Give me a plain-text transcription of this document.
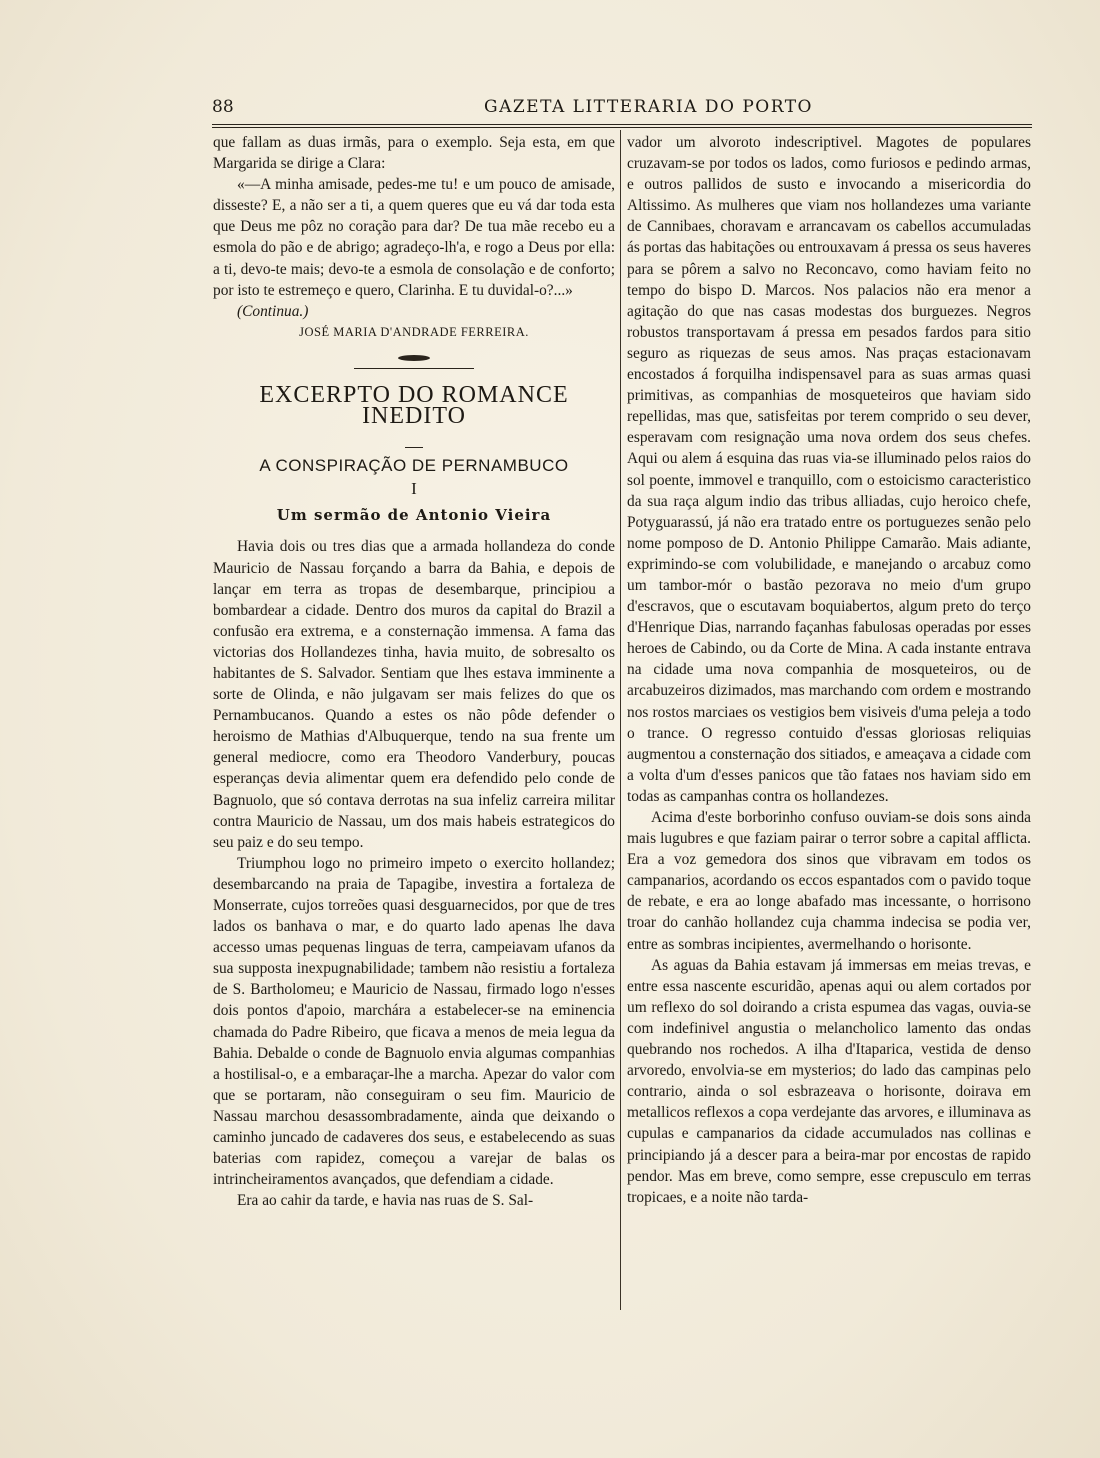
88	GAZETA LITTERARIA DO PORTO

que fallam as duas irmãs, para o exemplo. Seja esta, em que Margarida se dirige a Clara:

«—A minha amisade, pedes-me tu! e um pouco de amisade, disseste? E, a não ser a ti, a quem queres que eu vá dar toda esta que Deus me pôz no coração para dar? De tua mãe recebo eu a esmola do pão e de abrigo; agradeço-lh'a, e rogo a Deus por ella: a ti, devo-te mais; devo-te a esmola de consolação e de conforto; por isto te estremeço e quero, Clarinha. E tu duvidal-o?...»

(Continua.)

JOSÉ MARIA D'ANDRADE FERREIRA.

EXCERPTO DO ROMANCE INEDITO
A CONSPIRAÇÃO DE PERNAMBUCO
I
Um sermão de Antonio Vieira

Havia dois ou tres dias que a armada hollandeza do conde Mauricio de Nassau forçando a barra da Bahia, e depois de lançar em terra as tropas de desembarque, principiou a bombardear a cidade. Dentro dos muros da capital do Brazil a confusão era extrema, e a consternação immensa. A fama das victorias dos Hollandezes tinha, havia muito, de sobresalto os habitantes de S. Salvador. Sentiam que lhes estava imminente a sorte de Olinda, e não julgavam ser mais felizes do que os Pernambucanos. Quando a estes os não pôde defender o heroismo de Mathias d'Albuquerque, tendo na sua frente um general mediocre, como era Theodoro Vanderbury, poucas esperanças devia alimentar quem era defendido pelo conde de Bagnuolo, que só contava derrotas na sua infeliz carreira militar contra Mauricio de Nassau, um dos mais habeis estrategicos do seu paiz e do seu tempo.

Triumphou logo no primeiro impeto o exercito hollandez; desembarcando na praia de Tapagibe, investira a fortaleza de Monserrate, cujos torreões quasi desguarnecidos, por que de tres lados os banhava o mar, e do quarto lado apenas lhe dava accesso umas pequenas linguas de terra, campeiavam ufanos da sua supposta inexpugnabilidade; tambem não resistiu a fortaleza de S. Bartholomeu; e Mauricio de Nassau, firmado logo n'esses dois pontos d'apoio, marchára a estabelecer-se na eminencia chamada do Padre Ribeiro, que ficava a menos de meia legua da Bahia. Debalde o conde de Bagnuolo envia algumas companhias a hostilisal-o, e a embaraçar-lhe a marcha. Apezar do valor com que se portaram, não conseguiram o seu fim. Mauricio de Nassau marchou desassombradamente, ainda que deixando o caminho juncado de cadaveres dos seus, e estabelecendo as suas baterias com rapidez, começou a varejar de balas os intrincheiramentos avançados, que defendiam a cidade.

Era ao cahir da tarde, e havia nas ruas de S. Sal-

vador um alvoroto indescriptivel. Magotes de populares cruzavam-se por todos os lados, como furiosos e pedindo armas, e outros pallidos de susto e invocando a misericordia do Altissimo. As mulheres que viam nos hollandezes uma variante de Cannibaes, choravam e arrancavam os cabellos accumuladas ás portas das habitações ou entrouxavam á pressa os seus haveres para se pôrem a salvo no Reconcavo, como haviam feito no tempo do bispo D. Marcos. Nos palacios não era menor a agitação do que nas casas modestas dos burguezes. Negros robustos transportavam á pressa em pesados fardos para sitio seguro as riquezas de seus amos. Nas praças estacionavam encostados á forquilha indispensavel para as suas armas quasi primitivas, as companhias de mosqueteiros que haviam sido repellidas, mas que, satisfeitas por terem comprido o seu dever, esperavam com resignação uma nova ordem dos seus chefes. Aqui ou alem á esquina das ruas via-se illuminado pelos raios do sol poente, immovel e tranquillo, com o estoicismo caracteristico da sua raça algum indio das tribus alliadas, cujo heroico chefe, Potyguarassú, já não era tratado entre os portuguezes senão pelo nome pomposo de D. Antonio Philippe Camarão. Mais adiante, exprimindo-se com volubilidade, e manejando o arcabuz como um tambor-mór o bastão pezorava no meio d'um grupo d'escravos, que o escutavam boquiabertos, algum preto do terço d'Henrique Dias, narrando façanhas fabulosas operadas por esses heroes de Cabindo, ou da Corte de Mina. A cada instante entrava na cidade uma nova companhia de mosqueteiros, ou de arcabuzeiros dizimados, mas marchando com ordem e mostrando nos rostos marciaes os vestigios bem visiveis d'uma peleja a todo o trance. O regresso contuido d'essas gloriosas reliquias augmentou a consternação dos sitiados, e ameaçava a cidade com a volta d'um d'esses panicos que tão fataes nos haviam sido em todas as campanhas contra os hollandezes.

Acima d'este borborinho confuso ouviam-se dois sons ainda mais lugubres e que faziam pairar o terror sobre a capital afflicta. Era a voz gemedora dos sinos que vibravam em todos os campanarios, acordando os eccos espantados com o pavido toque de rebate, e era ao longe abafado mas incessante, o horrisono troar do canhão hollandez cuja chamma indecisa se podia ver, entre as sombras incipientes, avermelhando o horisonte.

As aguas da Bahia estavam já immersas em meias trevas, e entre essa nascente escuridão, apenas aqui ou alem cortados por um reflexo do sol doirando a crista espumea das vagas, ouvia-se com indefinivel angustia o melancholico lamento das ondas quebrando nos rochedos. A ilha d'Itaparica, vestida de denso arvoredo, envolvia-se em mysterios; do lado das campinas pelo contrario, ainda o sol esbrazeava o horisonte, doirava em metallicos reflexos a copa verdejante das arvores, e illuminava as cupulas e campanarios da cidade accumulados nas collinas e principiando já a descer para a beira-mar por encostas de rapido pendor. Mas em breve, como sempre, esse crepusculo em terras tropicaes, e a noite não tarda-
